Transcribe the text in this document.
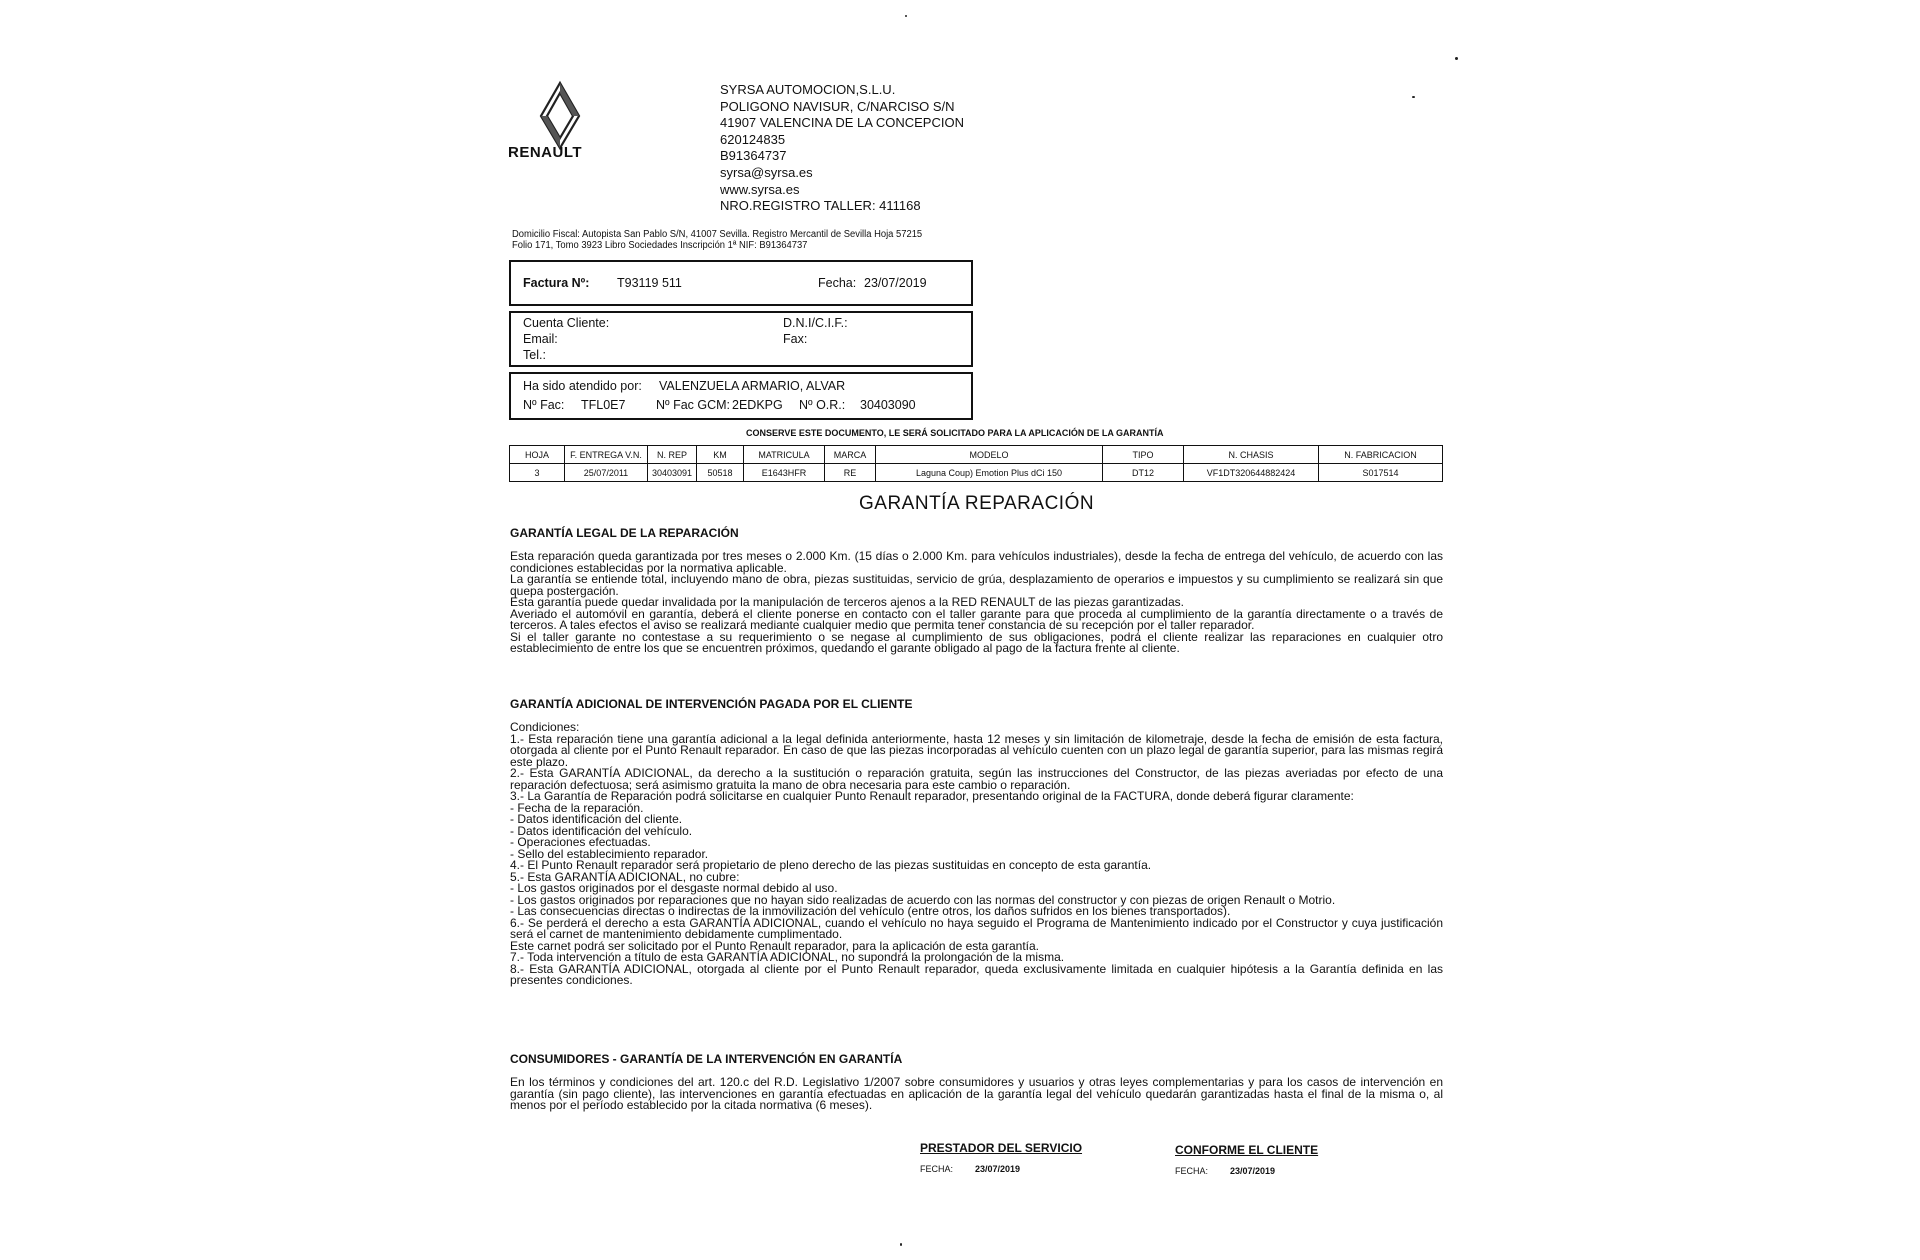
RENAULT
SYRSA AUTOMOCION,S.L.U.
POLIGONO NAVISUR, C/NARCISO S/N
41907 VALENCINA DE LA CONCEPCION
620124835
B91364737
syrsa@syrsa.es
www.syrsa.es
NRO.REGISTRO TALLER: 411168
Domicilio Fiscal: Autopista San Pablo S/N, 41007 Sevilla. Registro Mercantil de Sevilla Hoja 57215
Folio 171, Tomo 3923 Libro Sociedades Inscripción 1ª NIF: B91364737
Factura Nº: T93119 511	Fecha: 23/07/2019
Cuenta Cliente:	D.N.I/C.I.F.:
Email:	Fax:
Tel.:
Ha sido atendido por: VALENZUELA ARMARIO, ALVAR
Nº Fac: TFL0E7 Nº Fac GCM: 2EDKPG Nº O.R.: 30403090
CONSERVE ESTE DOCUMENTO, LE SERÁ SOLICITADO PARA LA APLICACIÓN DE LA GARANTÍA
HOJA	F. ENTREGA V.N.	N. REP	KM	MATRICULA	MARCA	MODELO	TIPO	N. CHASIS	N. FABRICACION
3	25/07/2011	30403091	50518	E1643HFR	RE	Laguna Coup) Emotion Plus dCi 150	DT12	VF1DT320644882424	S017514
GARANTÍA REPARACIÓN
GARANTÍA LEGAL DE LA REPARACIÓN
Esta reparación queda garantizada por tres meses o 2.000 Km. (15 días o 2.000 Km. para vehículos industriales), desde la fecha de entrega del vehículo, de acuerdo con las condiciones establecidas por la normativa aplicable.
La garantía se entiende total, incluyendo mano de obra, piezas sustituidas, servicio de grúa, desplazamiento de operarios e impuestos y su cumplimiento se realizará sin que quepa postergación.
Esta garantía puede quedar invalidada por la manipulación de terceros ajenos a la RED RENAULT de las piezas garantizadas.
Averiado el automóvil en garantía, deberá el cliente ponerse en contacto con el taller garante para que proceda al cumplimiento de la garantía directamente o a través de terceros. A tales efectos el aviso se realizará mediante cualquier medio que permita tener constancia de su recepción por el taller reparador.
Si el taller garante no contestase a su requerimiento o se negase al cumplimiento de sus obligaciones, podrá el cliente realizar las reparaciones en cualquier otro establecimiento de entre los que se encuentren próximos, quedando el garante obligado al pago de la factura frente al cliente.
GARANTÍA ADICIONAL DE INTERVENCIÓN PAGADA POR EL CLIENTE
Condiciones:
1.- Esta reparación tiene una garantía adicional a la legal definida anteriormente, hasta 12 meses y sin limitación de kilometraje, desde la fecha de emisión de esta factura, otorgada al cliente por el Punto Renault reparador. En caso de que las piezas incorporadas al vehículo cuenten con un plazo legal de garantía superior, para las mismas regirá este plazo.
2.- Esta GARANTÍA ADICIONAL, da derecho a la sustitución o reparación gratuita, según las instrucciones del Constructor, de las piezas averiadas por efecto de una reparación defectuosa; será asimismo gratuita la mano de obra necesaria para este cambio o reparación.
3.- La Garantía de Reparación podrá solicitarse en cualquier Punto Renault reparador, presentando original de la FACTURA, donde deberá figurar claramente:
- Fecha de la reparación.
- Datos identificación del cliente.
- Datos identificación del vehículo.
- Operaciones efectuadas.
- Sello del establecimiento reparador.
4.- El Punto Renault reparador será propietario de pleno derecho de las piezas sustituidas en concepto de esta garantía.
5.- Esta GARANTÍA ADICIONAL, no cubre:
- Los gastos originados por el desgaste normal debido al uso.
- Los gastos originados por reparaciones que no hayan sido realizadas de acuerdo con las normas del constructor y con piezas de origen Renault o Motrio.
- Las consecuencias directas o indirectas de la inmovilización del vehículo (entre otros, los daños sufridos en los bienes transportados).
6.- Se perderá el derecho a esta GARANTÍA ADICIONAL, cuando el vehículo no haya seguido el Programa de Mantenimiento indicado por el Constructor y cuya justificación será el carnet de mantenimiento debidamente cumplimentado.
Este carnet podrá ser solicitado por el Punto Renault reparador, para la aplicación de esta garantía.
7.- Toda intervención a título de esta GARANTÍA ADICIONAL, no supondrá la prolongación de la misma.
8.- Esta GARANTÍA ADICIONAL, otorgada al cliente por el Punto Renault reparador, queda exclusivamente limitada en cualquier hipótesis a la Garantía definida en las presentes condiciones.
CONSUMIDORES - GARANTÍA DE LA INTERVENCIÓN EN GARANTÍA
En los términos y condiciones del art. 120.c del R.D. Legislativo 1/2007 sobre consumidores y usuarios y otras leyes complementarias y para los casos de intervención en garantía (sin pago cliente), las intervenciones en garantía efectuadas en aplicación de la garantía legal del vehículo quedarán garantizadas hasta el final de la misma o, al menos por el período establecido por la citada normativa (6 meses).
PRESTADOR DEL SERVICIO
FECHA: 23/07/2019
CONFORME EL CLIENTE
FECHA: 23/07/2019
